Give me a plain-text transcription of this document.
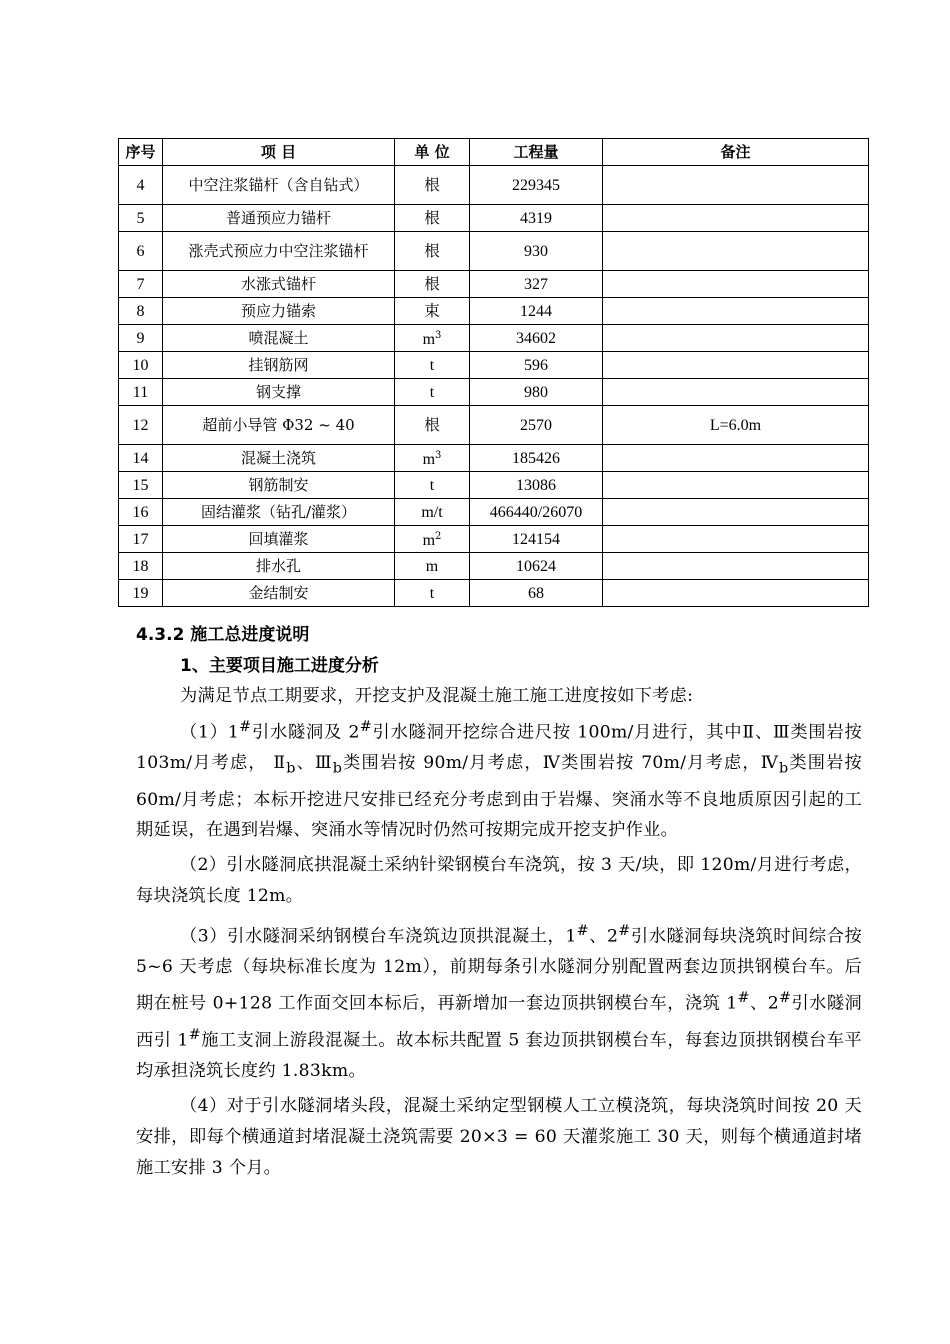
序号	项 目	单 位	工程量	备注
4	中空注浆锚杆（含自钻式）	根	229345	
5	普通预应力锚杆	根	4319	
6	涨壳式预应力中空注浆锚杆	根	930	
7	水涨式锚杆	根	327	
8	预应力锚索	束	1244	
9	喷混凝土	$m^3$	34602	
10	挂钢筋网	t	596	
11	钢支撑	t	980	
12	超前小导管 Φ32 ~ 40	根	2570	L=6.0m
14	混凝土浇筑	$m^3$	185426	
15	钢筋制安	t	13086	
16	固结灌浆（钻孔/灌浆）	m/t	466440/26070	
17	回填灌浆	$m^2$	124154	
18	排水孔	m	10624	
19	金结制安	t	68	
4.3.2 施工总进度说明
1、主要项目施工进度分析

为满足节点工期要求，开挖支护及混凝土施工施工进度按如下考虑:

（1）1#引水隧洞及 2#引水隧洞开挖综合进尺按 100m/月进行，其中Ⅱ、Ⅲ类围岩按 103m/月考虑， $Ⅱ_b$、$Ⅲ_b$类围岩按 90m/月考虑，Ⅳ类围岩按 70m/月考虑，$Ⅳ_b$类围岩按 60m/月考虑；本标开挖进尺安排已经充分考虑到由于岩爆、突涌水等不良地质原因引起的工期延误，在遇到岩爆、突涌水等情况时仍然可按期完成开挖支护作业。

（2）引水隧洞底拱混凝土采纳针梁钢模台车浇筑，按 3 天/块，即 120m/月进行考虑，每块浇筑长度 12m。

（3）引水隧洞采纳钢模台车浇筑边顶拱混凝土，1#、2#引水隧洞每块浇筑时间综合按 5~6 天考虑（每块标准长度为 12m），前期每条引水隧洞分别配置两套边顶拱钢模台车。后期在桩号 0+128 工作面交回本标后，再新增加一套边顶拱钢模台车，浇筑 1#、2#引水隧洞西引 1#施工支洞上游段混凝土。故本标共配置 5 套边顶拱钢模台车，每套边顶拱钢模台车平均承担浇筑长度约 1.83km。

（4）对于引水隧洞堵头段，混凝土采纳定型钢模人工立模浇筑，每块浇筑时间按 20 天安排，即每个横通道封堵混凝土浇筑需要 20×3 = 60 天灌浆施工 30 天，则每个横通道封堵施工安排 3 个月。
